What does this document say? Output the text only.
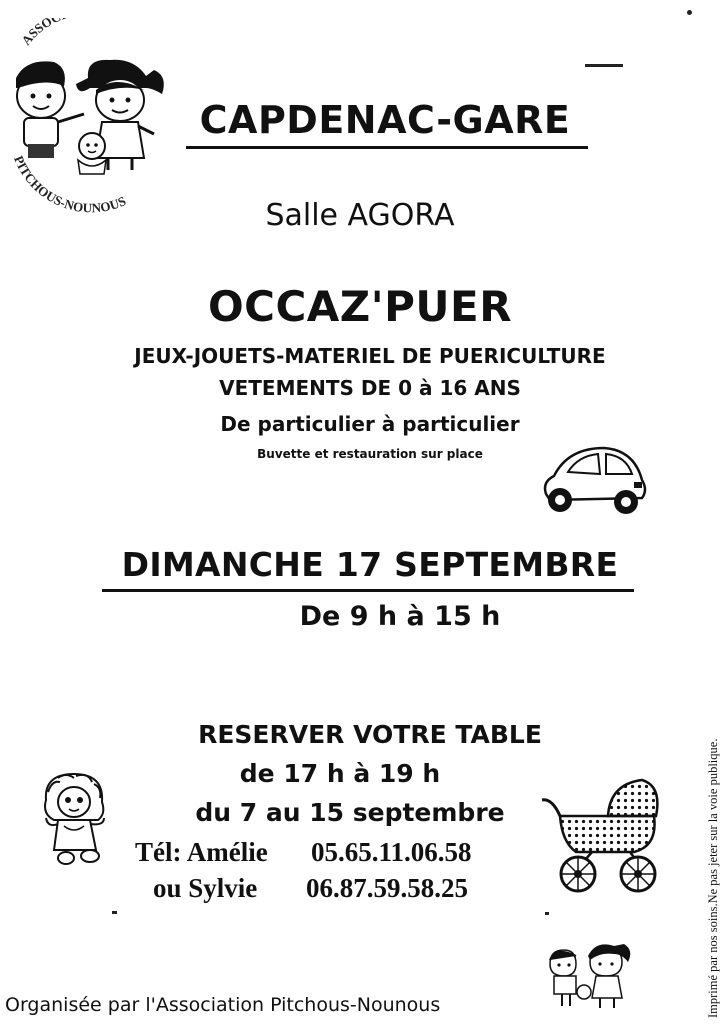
ASSO
PITCHOUS-NOUNOUS
CAPDENAC-GARE
Salle AGORA
OCCAZ'PUER
JEUX-JOUETS-MATERIEL DE PUERICULTURE
VETEMENTS DE 0 à 16 ANS
De particulier à particulier
Buvette et restauration sur place
DIMANCHE 17 SEPTEMBRE
De 9 h à 15 h
RESERVER VOTRE TABLE
de 17 h à 19 h
du 7 au 15 septembre
Tél: Amélie 05.65.11.06.58
ou Sylvie 06.87.59.58.25
Organisée par l'Association Pitchous-Nounous	Imprimé par nos soins.Ne pas jeter sur la voie publique.
